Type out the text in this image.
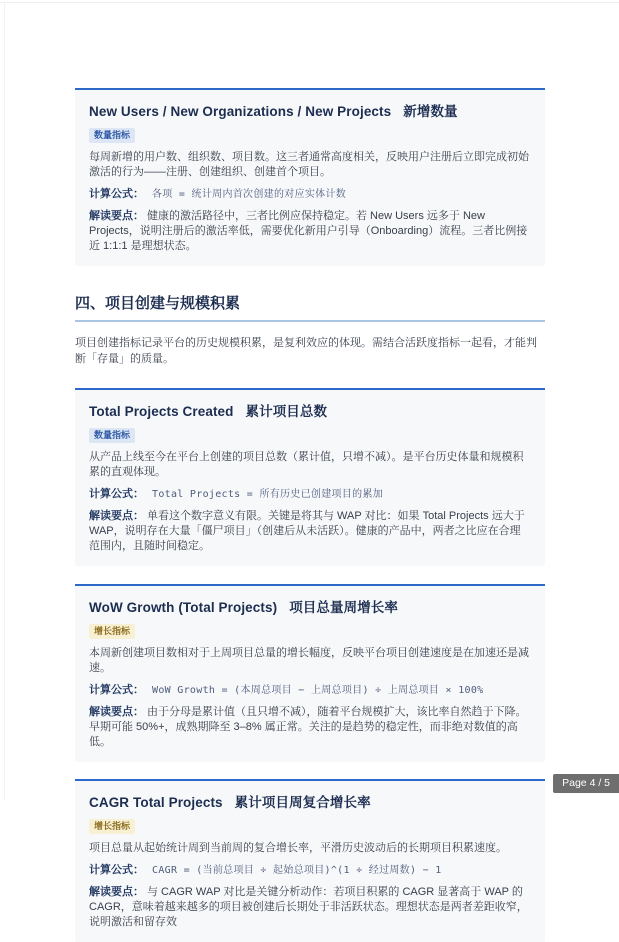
New Users / New Organizations / New Projects 新增数量
数量指标

每周新增的用户数、组织数、项目数。这三者通常高度相关，反映用户注册后立即完成初始激活的行为——注册、创建组织、创建首个项目。

计算公式： 各项 = 统计周内首次创建的对应实体计数

解读要点： 健康的激活路径中，三者比例应保持稳定。若 New Users 远多于 New Projects，说明注册后的激活率低，需要优化新用户引导（Onboarding）流程。三者比例接近 1:1:1 是理想状态。

四、项目创建与规模积累

项目创建指标记录平台的历史规模积累，是复利效应的体现。需结合活跃度指标一起看，才能判断「存量」的质量。

Total Projects Created 累计项目总数
数量指标

从产品上线至今在平台上创建的项目总数（累计值，只增不减）。是平台历史体量和规模积累的直观体现。

计算公式： Total Projects = 所有历史已创建项目的累加

解读要点： 单看这个数字意义有限。关键是将其与 WAP 对比：如果 Total Projects 远大于 WAP，说明存在大量「僵尸项目」（创建后从未活跃）。健康的产品中，两者之比应在合理范围内，且随时间稳定。

WoW Growth (Total Projects) 项目总量周增长率
增长指标

本周新创建项目数相对于上周项目总量的增长幅度，反映平台项目创建速度是在加速还是减速。

计算公式： WoW Growth = (本周总项目 − 上周总项目) ÷ 上周总项目 × 100%

解读要点： 由于分母是累计值（且只增不减），随着平台规模扩大，该比率自然趋于下降。早期可能 50%+，成熟期降至 3–8% 属正常。关注的是趋势的稳定性，而非绝对数值的高低。

CAGR Total Projects 累计项目周复合增长率
增长指标

项目总量从起始统计周到当前周的复合增长率，平滑历史波动后的长期项目积累速度。

计算公式： CAGR = (当前总项目 ÷ 起始总项目)^(1 ÷ 经过周数) − 1

解读要点： 与 CAGR WAP 对比是关键分析动作：若项目积累的 CAGR 显著高于 WAP 的 CAGR，意味着越来越多的项目被创建后长期处于非活跃状态。理想状态是两者差距收窄，说明激活和留存效

Page 4 / 5
